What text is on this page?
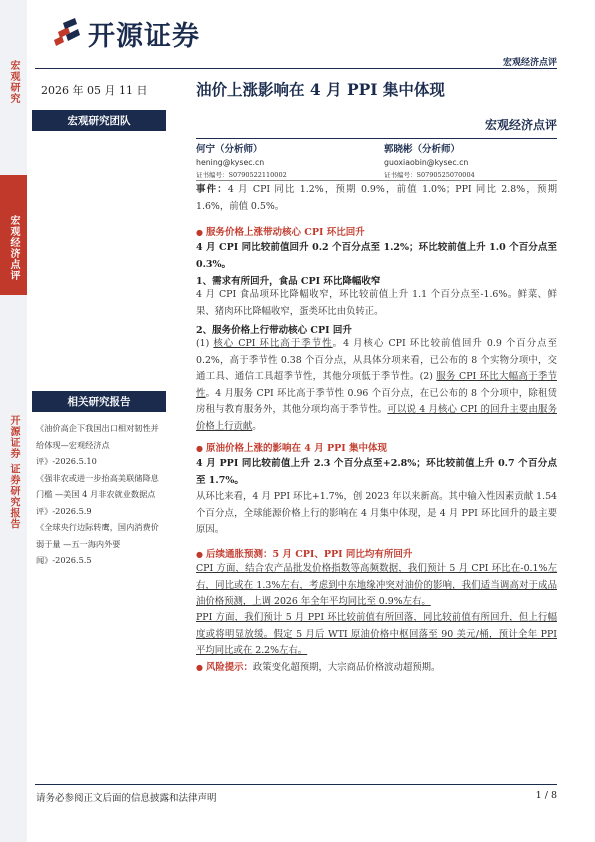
宏观研究
宏观经济点评
开源证券 证券研究报告
开源证券
宏观经济点评
2026 年 05 月 11 日	油价上涨影响在 4 月 PPI 集中体现
宏观经济点评
宏观研究团队
相关研究报告
《油价高企下我国出口相对韧性并给体现—宏观经济点评》-2026.5.10
《强非农或进一步抬高美联储降息门槛 —美国 4 月非农就业数据点评》-2026.5.9
《全球央行边际转鹰，国内消费价弱于量 —五一海内外要闻》-2026.5.5
何宁（分析师）
hening@kysec.cn
证书编号：S0790522110002
郭晓彬（分析师）
guoxiaobin@kysec.cn
证书编号：S0790525070004
事件：4 月 CPI 同比 1.2%，预期 0.9%，前值 1.0%；PPI 同比 2.8%，预期 1.6%，前值 0.5%。
● 服务价格上涨带动核心 CPI 环比回升
4 月 CPI 同比较前值回升 0.2 个百分点至 1.2%；环比较前值上升 1.0 个百分点至 0.3%。
1、需求有所回升，食品 CPI 环比降幅收窄
4 月 CPI 食品项环比降幅收窄，环比较前值上升 1.1 个百分点至-1.6%。鲜菜、鲜果、猪肉环比降幅收窄，蛋类环比由负转正。
2、服务价格上行带动核心 CPI 回升
(1) 核心 CPI 环比高于季节性。4 月核心 CPI 环比较前值回升 0.9 个百分点至 0.2%，高于季节性 0.38 个百分点，从具体分项来看，已公布的 8 个实物分项中，交通工具、通信工具超季节性，其他分项低于季节性。(2) 服务 CPI 环比大幅高于季节性。4 月服务 CPI 环比高于季节性 0.96 个百分点，在已公布的 8 个分项中，除租赁房租与教育服务外，其他分项均高于季节性。可以说 4 月核心 CPI 的回升主要由服务价格上行贡献。
● 原油价格上涨的影响在 4 月 PPI 集中体现
4 月 PPI 同比较前值上升 2.3 个百分点至+2.8%；环比较前值上升 0.7 个百分点至 1.7%。
从环比来看，4 月 PPI 环比+1.7%，创 2023 年以来新高。其中输入性因素贡献 1.54 个百分点，全球能源价格上行的影响在 4 月集中体现，是 4 月 PPI 环比回升的最主要原因。
● 后续通胀预测：5 月 CPI、PPI 同比均有所回升
CPI 方面，结合农产品批发价格指数等高频数据，我们预计 5 月 CPI 环比在-0.1%左右，同比或在 1.3%左右，考虑到中东地缘冲突对油价的影响，我们适当调高对于成品油价格预测，上调 2026 年全年平均同比至 0.9%左右。
PPI 方面，我们预计 5 月 PPI 环比较前值有所回落，同比较前值有所回升，但上行幅度或将明显放缓。假定 5 月后 WTI 原油价格中枢回落至 90 美元/桶，预计全年 PPI 平均同比或在 2.2%左右。
● 风险提示：政策变化超预期，大宗商品价格波动超预期。
请务必参阅正文后面的信息披露和法律声明	1 / 8
